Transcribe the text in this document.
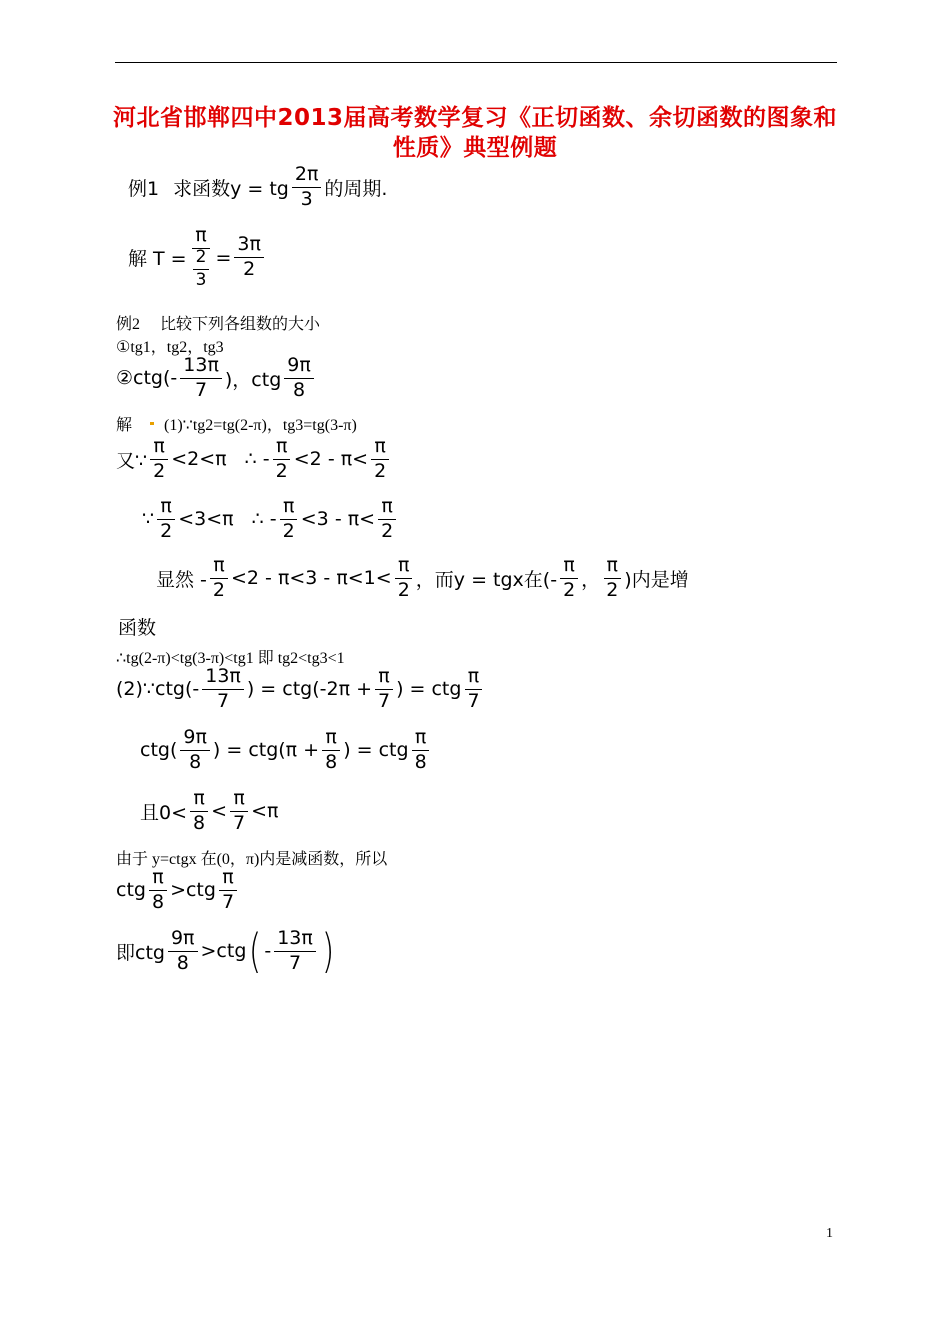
河北省邯郸四中2013届高考数学复习《正切函数、余切函数的图象和性质》典型例题
例1 求函数y = tg $\frac{2\pi}{3}$ 的周期.
解 $T = \frac{\pi}{\frac{2}{3}} = \frac{3\pi}{2}$
例2 比较下列各组数的大小
①tg1，tg2，tg3
②ctg(- $\frac{13\pi}{7}$ )，ctg $\frac{9\pi}{8}$
解 (1)∵tg2=tg(2-π)，tg3=tg(3-π)
又∵ $\frac{\pi}{2} <2<\pi$   ∴ - $\frac{\pi}{2} <2 - \pi< \frac{\pi}{2}$
∵ $\frac{\pi}{2} <3<\pi$   ∴ - $\frac{\pi}{2} <3 - \pi< \frac{\pi}{2}$
显然 - $\frac{\pi}{2} <2 - \pi<3 - \pi<1< \frac{\pi}{2}$ ，而y = tgx在(- $\frac{\pi}{2}$ ， $\frac{\pi}{2}$ )内是增
函数
∴tg(2-π)<tg(3-π)<tg1 即 tg2<tg3<1
(2)∵ctg(- $\frac{13\pi}{7}$ ) = $ctg(-2\pi + \frac{\pi}{7}$ ) = ctg $\frac{\pi}{7}$
$ctg( \frac{9\pi}{8}$ ) = $ctg(\pi + \frac{\pi}{8}$ ) = ctg $\frac{\pi}{8}$
且$0< \frac{\pi}{8} < \frac{\pi}{7} <\pi$
由于 y=ctgx 在(0，π)内是减函数，所以
ctg $\frac{\pi}{8} >ctg \frac{\pi}{7}$
即ctg $\frac{9\pi}{8} >ctg$ ( - $\frac{13\pi}{7}$ )
1
